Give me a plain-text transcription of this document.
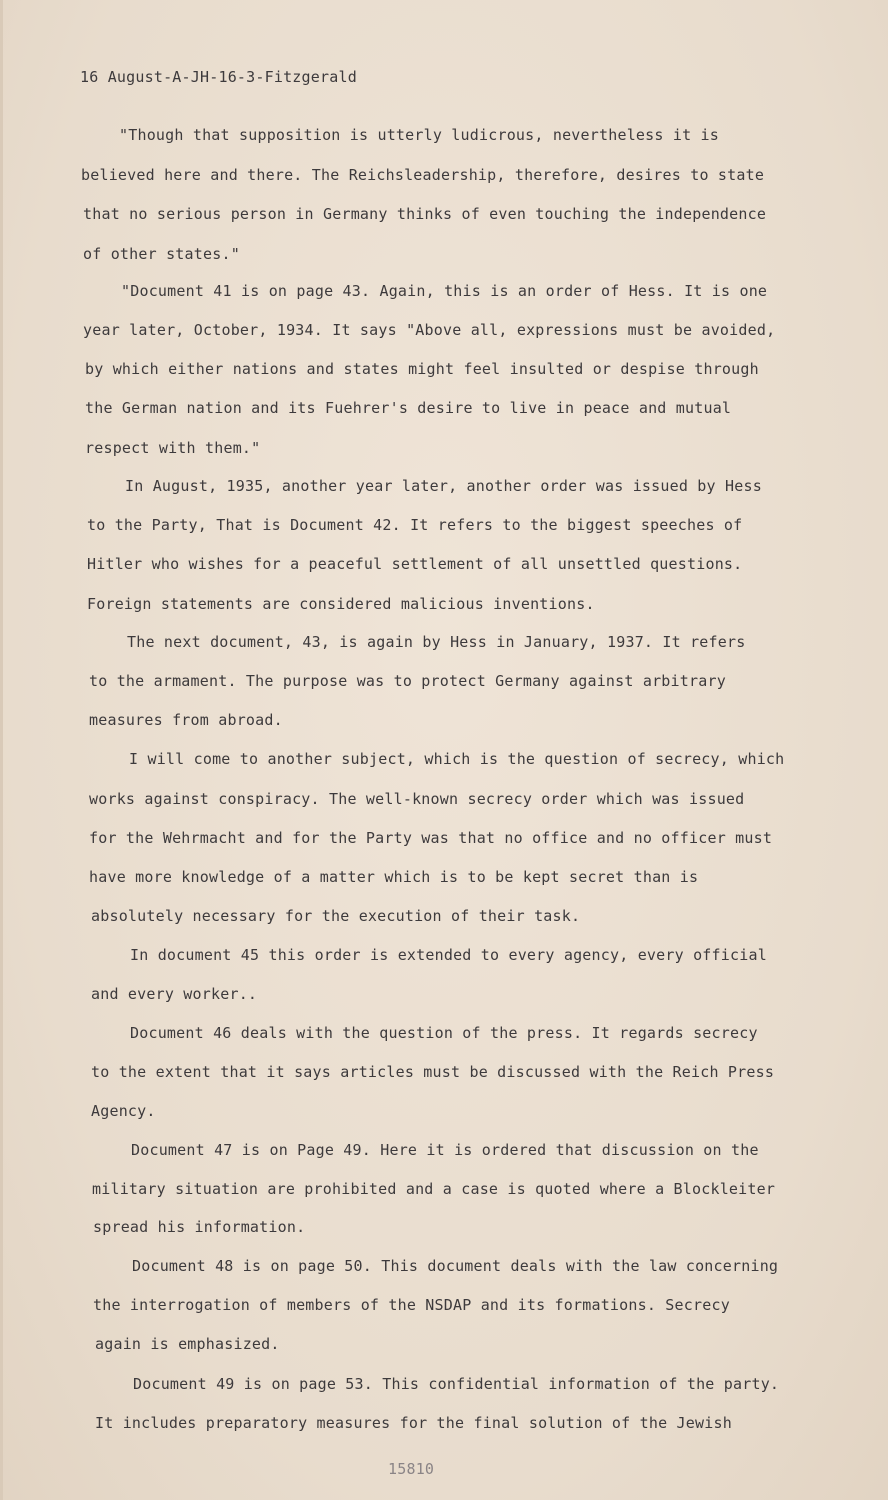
16 August-A-JH-16-3-Fitzgerald
"Though that supposition is utterly ludicrous, nevertheless it is
believed here and there. The Reichsleadership, therefore, desires to state
that no serious person in Germany thinks of even touching the independence
of other states."
"Document 41 is on page 43. Again, this is an order of Hess. It is one
year later, October, 1934. It says "Above all, expressions must be avoided,
by which either nations and states might feel insulted or despise through
the German nation and its Fuehrer's desire to live in peace and mutual
respect with them."
In August, 1935, another year later, another order was issued by Hess
to the Party, That is Document 42. It refers to the biggest speeches of
Hitler who wishes for a peaceful settlement of all unsettled questions.
Foreign statements are considered malicious inventions.
The next document, 43, is again by Hess in January, 1937. It refers
to the armament. The purpose was to protect Germany against arbitrary
measures from abroad.
I will come to another subject, which is the question of secrecy, which
works against conspiracy. The well-known secrecy order which was issued
for the Wehrmacht and for the Party was that no office and no officer must
have more knowledge of a matter which is to be kept secret than is
absolutely necessary for the execution of their task.
In document 45 this order is extended to every agency, every official
and every worker..
Document 46 deals with the question of the press. It regards secrecy
to the extent that it says articles must be discussed with the Reich Press
Agency.
Document 47 is on Page 49. Here it is ordered that discussion on the
military situation are prohibited and a case is quoted where a Blockleiter
spread his information.
Document 48 is on page 50. This document deals with the law concerning
the interrogation of members of the NSDAP and its formations. Secrecy
again is emphasized.
Document 49 is on page 53. This confidential information of the party.
It includes preparatory measures for the final solution of the Jewish
15810
